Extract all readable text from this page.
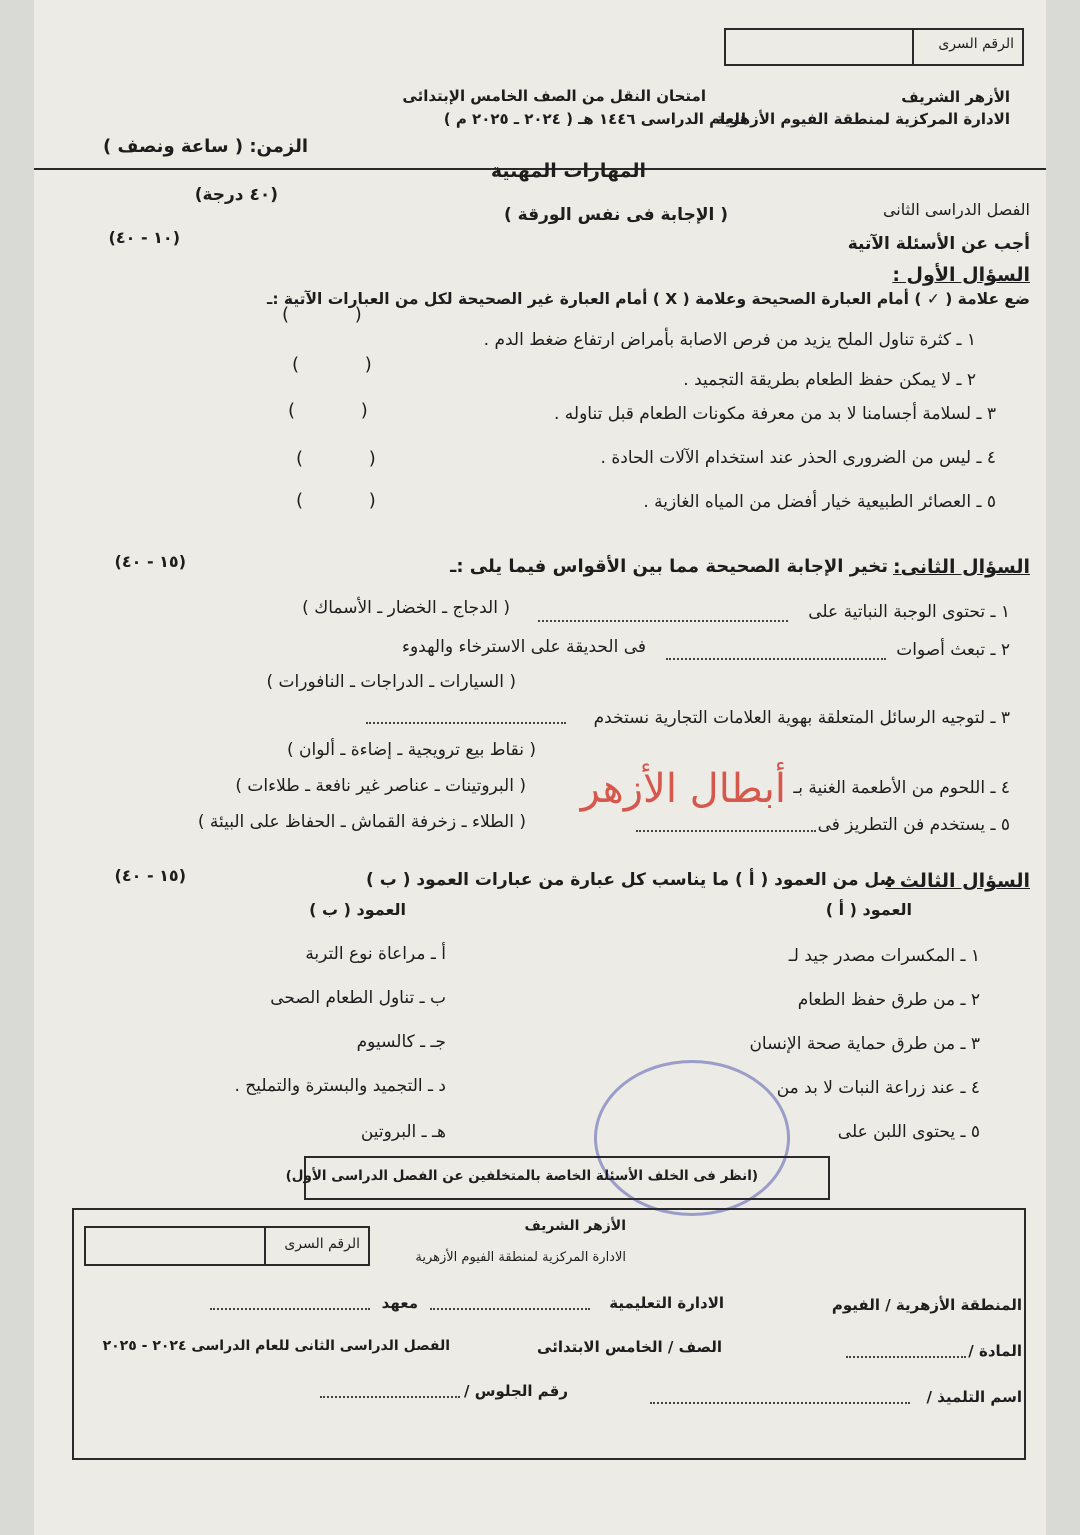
الرقم السرى
الأزهر الشريف
الادارة المركزية لمنطقة الفيوم الأزهرية
امتحان النقل من الصف الخامس الإبتدائى
للعام الدراسى ١٤٤٦ هـ ( ٢٠٢٤ ـ ٢٠٢٥ م )
الزمن: ( ساعة ونصف )
المهارات المهنية
الفصل الدراسى الثانى
(٤٠ درجة)
( الإجابة فى نفس الورقة )
أجب عن الأسئلة الآتية
(١٠ - ٤٠)
السؤال الأول :
ضع علامة ( ✓ ) أمام العبارة الصحيحة وعلامة ( X ) أمام العبارة غير الصحيحة لكل من العبارات الآتية :ـ
١ ـ كثرة تناول الملح يزيد من فرص الاصابة بأمراض ارتفاع ضغط الدم .
( )
٢ ـ لا يمكن حفظ الطعام بطريقة التجميد .
( )
٣ ـ لسلامة أجسامنا لا بد من معرفة مكونات الطعام قبل تناوله .
( )
٤ ـ ليس من الضرورى الحذر عند استخدام الآلات الحادة .
( )
٥ ـ العصائر الطبيعية خيار أفضل من المياه الغازية .
( )
السؤال الثانى:
تخير الإجابة الصحيحة مما بين الأقواس فيما يلى :ـ
(١٥ - ٤٠)
١ ـ تحتوى الوجبة النباتية على
( الدجاج ـ الخضار ـ الأسماك )
٢ ـ تبعث أصوات
فى الحديقة على الاسترخاء والهدوء
( السيارات ـ الدراجات ـ النافورات )
٣ ـ لتوجيه الرسائل المتعلقة بهوية العلامات التجارية نستخدم
( نقاط بيع ترويجية ـ إضاءة ـ ألوان )
أبطال الأزهر ٤ ـ اللحوم من الأطعمة الغنية بـ
( البروتينات ـ عناصر غير نافعة ـ طلاءات )
٥ ـ يستخدم فن التطريز فى
( الطلاء ـ زخرفة القماش ـ الحفاظ على البيئة )
السؤال الثالث :
صل من العمود ( أ ) ما يناسب كل عبارة من عبارات العمود ( ب )
(١٥ - ٤٠)
العمود ( أ )
العمود ( ب )
١ ـ المكسرات مصدر جيد لـ
٢ ـ من طرق حفظ الطعام
٣ ـ من طرق حماية صحة الإنسان
٤ ـ عند زراعة النبات لا بد من
٥ ـ يحتوى اللبن على
أ ـ مراعاة نوع التربة
ب ـ تناول الطعام الصحى
جـ ـ كالسيوم
د ـ التجميد والبسترة والتمليح .
هـ ـ البروتين
(انظر فى الخلف الأسئلة الخاصة بالمتخلفين عن الفصل الدراسى الأول)
الرقم السرى
الأزهر الشريف
الادارة المركزية لمنطقة الفيوم الأزهرية
المنطقة الأزهرية / الفيوم
الادارة التعليمية
معهد
المادة /
الصف / الخامس الابتدائى
الفصل الدراسى الثانى للعام الدراسى ٢٠٢٤ - ٢٠٢٥
اسم التلميذ /
رقم الجلوس /
